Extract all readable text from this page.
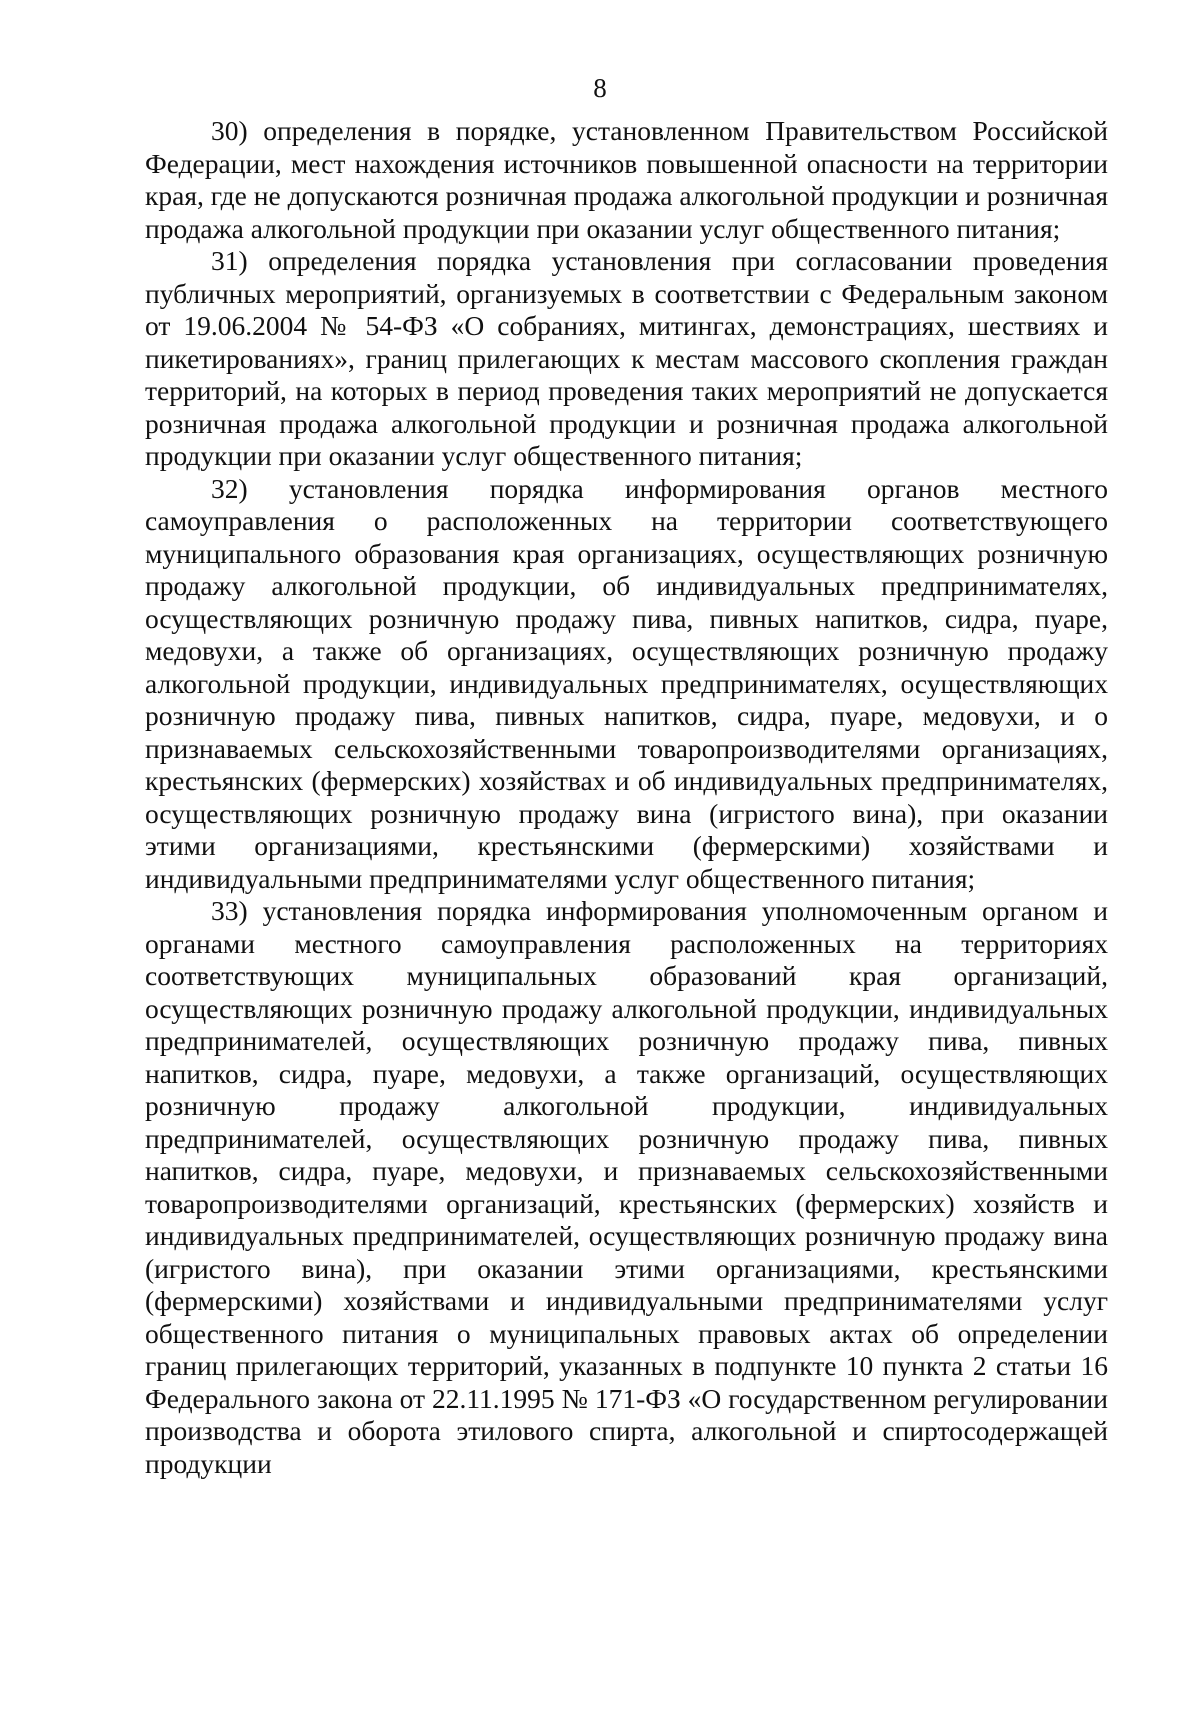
8

30) определения в порядке, установленном Правительством Российской Федерации, мест нахождения источников повышенной опасности на территории края, где не допускаются розничная продажа алкогольной продукции и розничная продажа алкогольной продукции при оказании услуг общественного питания;

31) определения порядка установления при согласовании проведения публичных мероприятий, организуемых в соответствии с Федеральным законом от 19.06.2004 № 54-ФЗ «О собраниях, митингах, демонстрациях, шествиях и пикетированиях», границ прилегающих к местам массового скопления граждан территорий, на которых в период проведения таких мероприятий не допускается розничная продажа алкогольной продукции и розничная продажа алкогольной продукции при оказании услуг общественного питания;

32) установления порядка информирования органов местного самоуправления о расположенных на территории соответствующего муниципального образования края организациях, осуществляющих розничную продажу алкогольной продукции, об индивидуальных предпринимателях, осуществляющих розничную продажу пива, пивных напитков, сидра, пуаре, медовухи, а также об организациях, осуществляющих розничную продажу алкогольной продукции, индивидуальных предпринимателях, осуществляющих розничную продажу пива, пивных напитков, сидра, пуаре, медовухи, и о признаваемых сельскохозяйственными товаропроизводителями организациях, крестьянских (фермерских) хозяйствах и об индивидуальных предпринимателях, осуществляющих розничную продажу вина (игристого вина), при оказании этими организациями, крестьянскими (фермерскими) хозяйствами и индивидуальными предпринимателями услуг общественного питания;

33) установления порядка информирования уполномоченным органом и органами местного самоуправления расположенных на территориях соответствующих муниципальных образований края организаций, осуществляющих розничную продажу алкогольной продукции, индивидуальных предпринимателей, осуществляющих розничную продажу пива, пивных напитков, сидра, пуаре, медовухи, а также организаций, осуществляющих розничную продажу алкогольной продукции, индивидуальных предпринимателей, осуществляющих розничную продажу пива, пивных напитков, сидра, пуаре, медовухи, и признаваемых сельскохозяйственными товаропроизводителями организаций, крестьянских (фермерских) хозяйств и индивидуальных предпринимателей, осуществляющих розничную продажу вина (игристого вина), при оказании этими организациями, крестьянскими (фермерскими) хозяйствами и индивидуальными предпринимателями услуг общественного питания о муниципальных правовых актах об определении границ прилегающих территорий, указанных в подпункте 10 пункта 2 статьи 16 Федерального закона от 22.11.1995 № 171-ФЗ «О государственном регулировании производства и оборота этилового спирта, алкогольной и спиртосодержащей продукции
